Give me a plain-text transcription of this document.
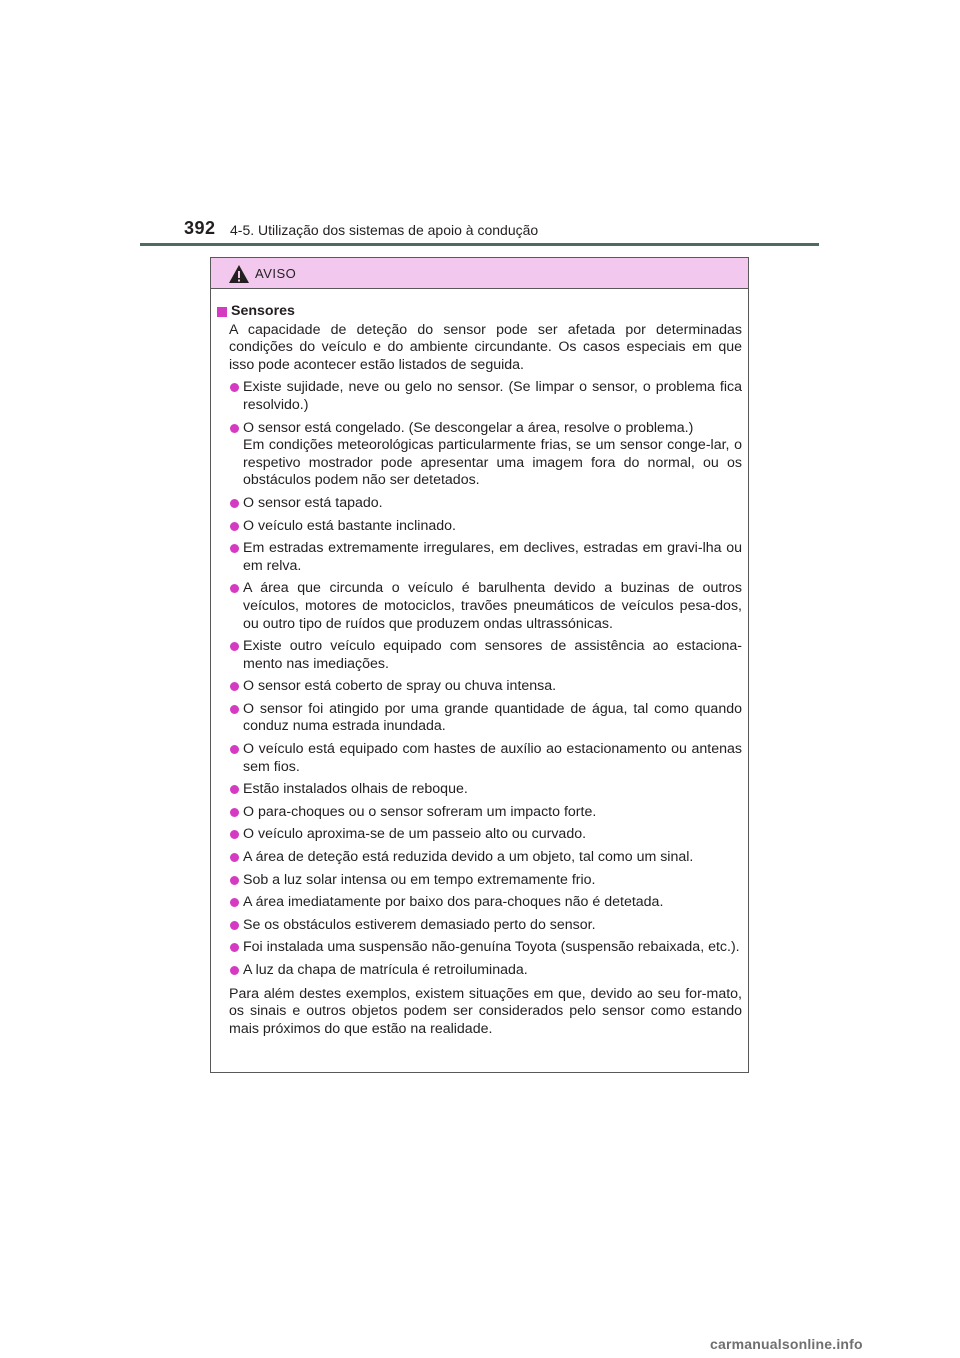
392 4-5. Utilização dos sistemas de apoio à condução
AVISO
Sensores
A capacidade de deteção do sensor pode ser afetada por determinadas condições do veículo e do ambiente circundante. Os casos especiais em que isso pode acontecer estão listados de seguida.
Existe sujidade, neve ou gelo no sensor. (Se limpar o sensor, o problema fica resolvido.)
O sensor está congelado. (Se descongelar a área, resolve o problema.)
Em condições meteorológicas particularmente frias, se um sensor conge-lar, o respetivo mostrador pode apresentar uma imagem fora do normal, ou os obstáculos podem não ser detetados.
O sensor está tapado.
O veículo está bastante inclinado.
Em estradas extremamente irregulares, em declives, estradas em gravi-lha ou em relva.
A área que circunda o veículo é barulhenta devido a buzinas de outros veículos, motores de motociclos, travões pneumáticos de veículos pesa-dos, ou outro tipo de ruídos que produzem ondas ultrassónicas.
Existe outro veículo equipado com sensores de assistência ao estaciona-mento nas imediações.
O sensor está coberto de spray ou chuva intensa.
O sensor foi atingido por uma grande quantidade de água, tal como quando conduz numa estrada inundada.
O veículo está equipado com hastes de auxílio ao estacionamento ou antenas sem fios.
Estão instalados olhais de reboque.
O para-choques ou o sensor sofreram um impacto forte.
O veículo aproxima-se de um passeio alto ou curvado.
A área de deteção está reduzida devido a um objeto, tal como um sinal.
Sob a luz solar intensa ou em tempo extremamente frio.
A área imediatamente por baixo dos para-choques não é detetada.
Se os obstáculos estiverem demasiado perto do sensor.
Foi instalada uma suspensão não-genuína Toyota (suspensão rebaixada, etc.).
A luz da chapa de matrícula é retroiluminada.
Para além destes exemplos, existem situações em que, devido ao seu for-mato, os sinais e outros objetos podem ser considerados pelo sensor como estando mais próximos do que estão na realidade.
carmanualsonline.info
